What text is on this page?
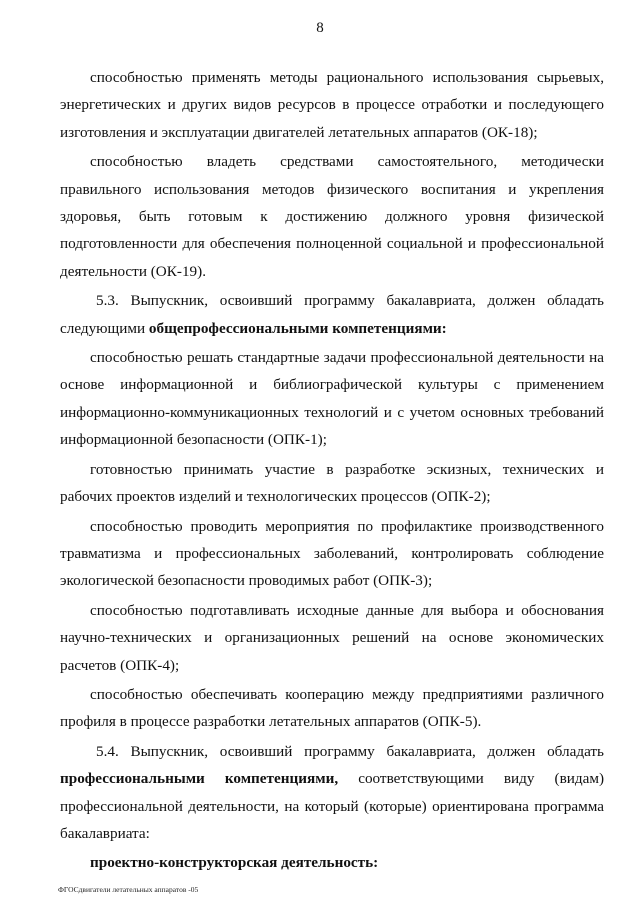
8

способностью применять методы рационального использования сырьевых, энергетических и других видов ресурсов в процессе отработки и последующего изготовления и эксплуатации двигателей летательных аппаратов (ОК-18);

способностью владеть средствами самостоятельного, методически правильного использования методов физического воспитания и укрепления здоровья, быть готовым к достижению должного уровня физической подготовленности для обеспечения полноценной социальной и профессиональной деятельности (ОК-19).

5.3. Выпускник, освоивший программу бакалавриата, должен обладать следующими общепрофессиональными компетенциями:

способностью решать стандартные задачи профессиональной деятельности на основе информационной и библиографической культуры с применением информационно-коммуникационных технологий и с учетом основных требований информационной безопасности (ОПК-1);

готовностью принимать участие в разработке эскизных, технических и рабочих проектов изделий и технологических процессов (ОПК-2);

способностью проводить мероприятия по профилактике производственного травматизма и профессиональных заболеваний, контролировать соблюдение экологической безопасности проводимых работ (ОПК-3);

способностью подготавливать исходные данные для выбора и обоснования научно-технических и организационных решений на основе экономических расчетов (ОПК-4);

способностью обеспечивать кооперацию между предприятиями различного профиля в процессе разработки летательных аппаратов (ОПК-5).

5.4. Выпускник, освоивший программу бакалавриата, должен обладать профессиональными компетенциями, соответствующими виду (видам) профессиональной деятельности, на который (которые) ориентирована программа бакалавриата:

проектно-конструкторская деятельность:

ФГОСдвигатели летательных аппаратов -05
